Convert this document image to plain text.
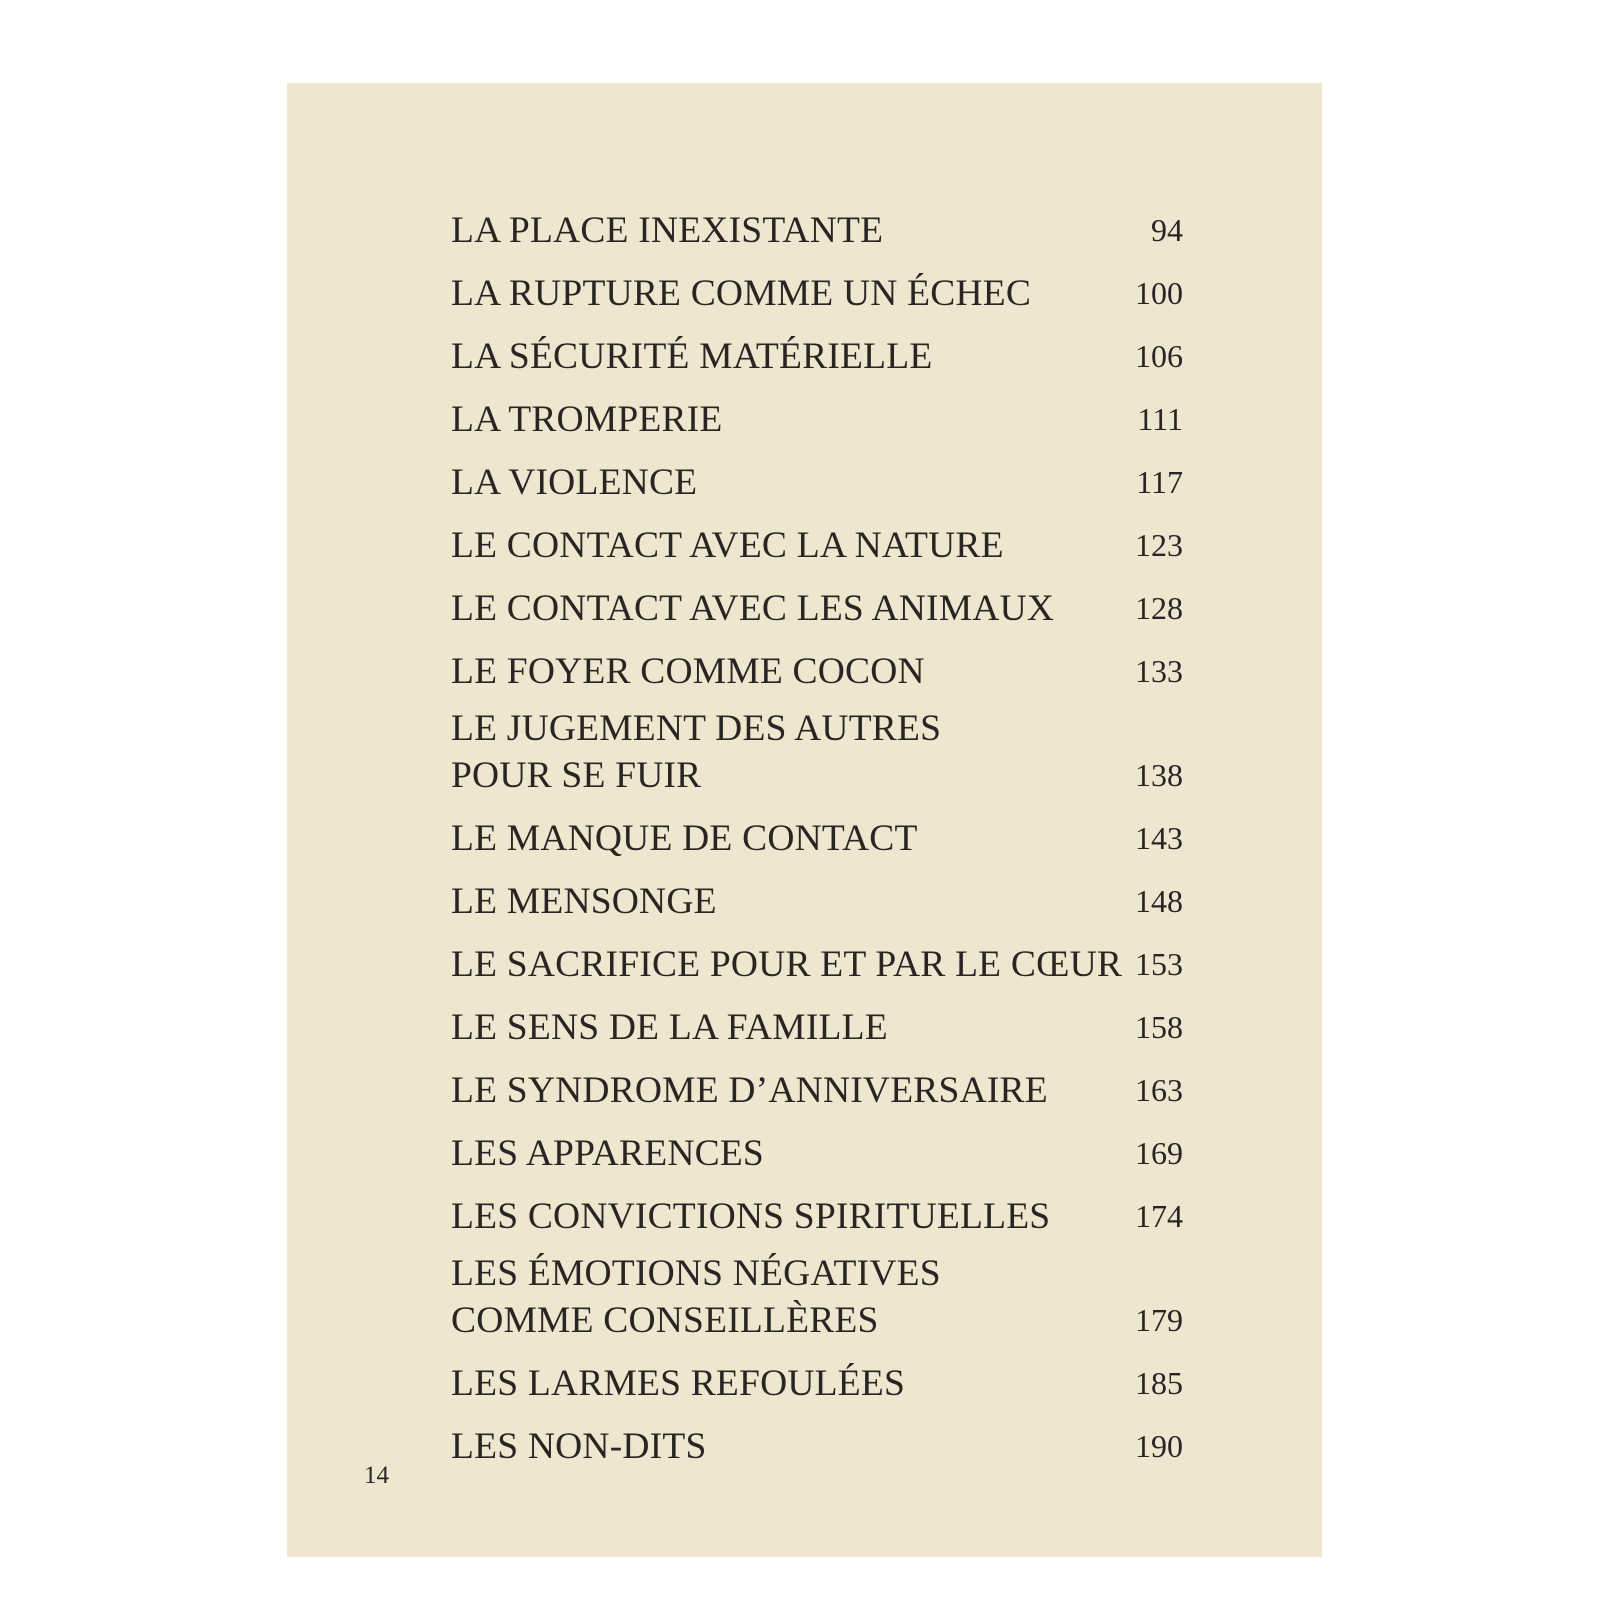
LA PLACE INEXISTANTE	94
LA RUPTURE COMME UN ÉCHEC	100
LA SÉCURITÉ MATÉRIELLE	106
LA TROMPERIE	111
LA VIOLENCE	117
LE CONTACT AVEC LA NATURE	123
LE CONTACT AVEC LES ANIMAUX	128
LE FOYER COMME COCON	133
LE JUGEMENT DES AUTRES
POUR SE FUIR	138
LE MANQUE DE CONTACT	143
LE MENSONGE	148
LE SACRIFICE POUR ET PAR LE CŒUR 153
LE SENS DE LA FAMILLE	158
LE SYNDROME D’ANNIVERSAIRE	163
LES APPARENCES	169
LES CONVICTIONS SPIRITUELLES	174
LES ÉMOTIONS NÉGATIVES
COMME CONSEILLÈRES	179
LES LARMES REFOULÉES	185
LES NON-DITS	190
14
